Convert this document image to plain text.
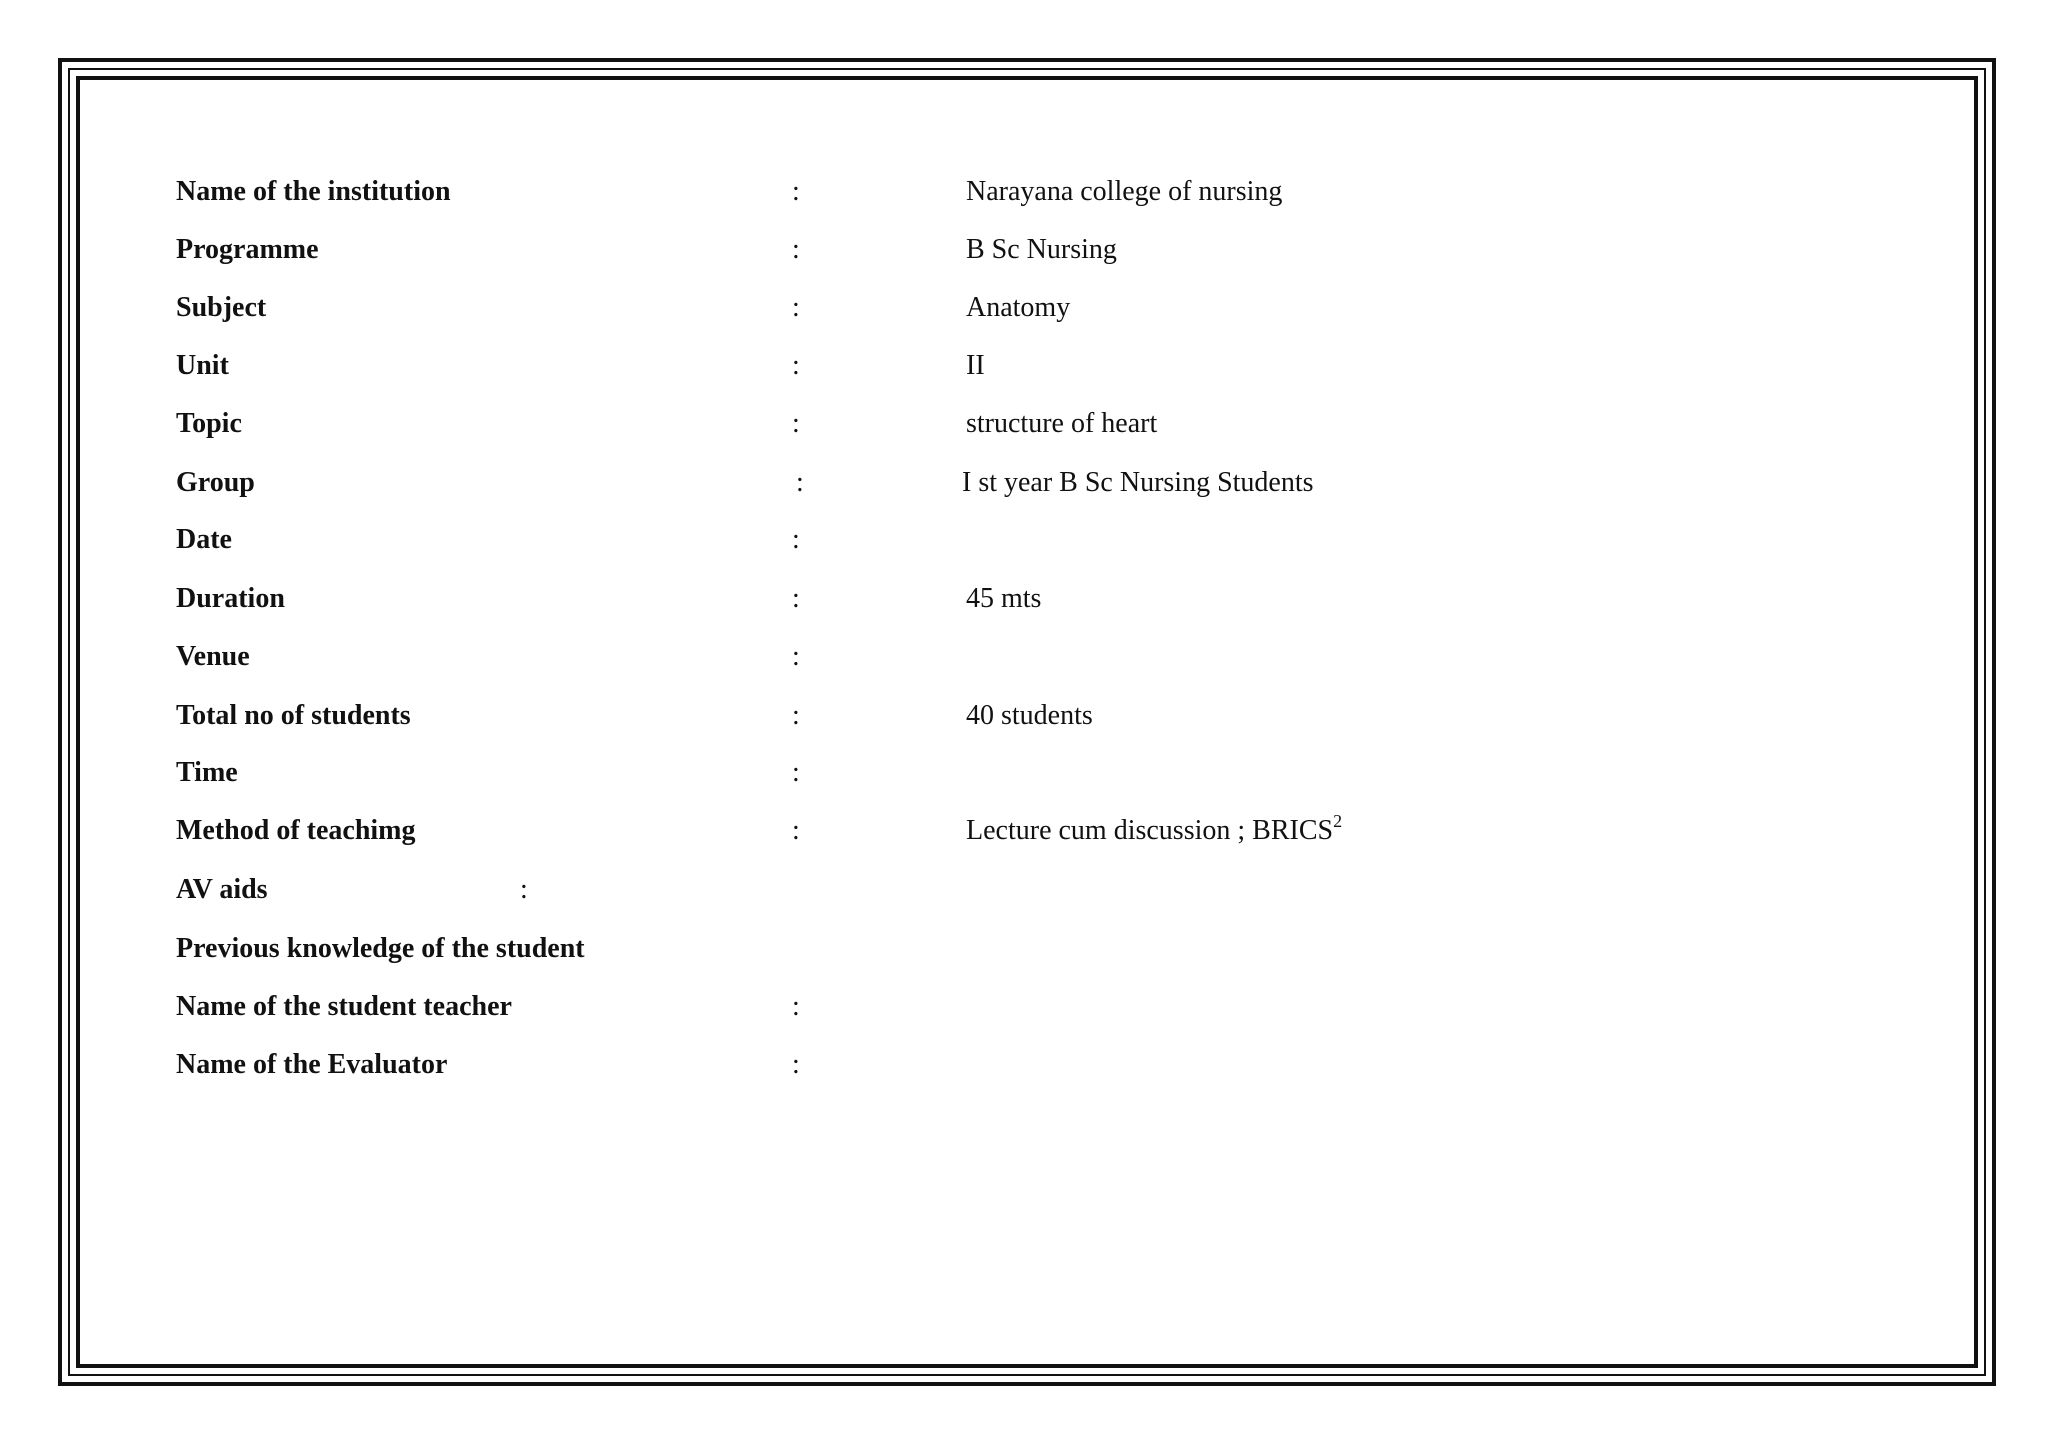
Name of the institution	:	Narayana college of nursing
Programme	:	B Sc Nursing
Subject	:	Anatomy
Unit	:	II
Topic	:	structure of heart
Group	:	I st year B Sc Nursing Students
Date	:
Duration	:	45 mts
Venue	:
Total no of students	:	40 students
Time	:
Method of teachimg	:	Lecture cum discussion ; BRICS$^2$
AV aids	:
Previous knowledge of the student
Name of the student teacher	:
Name of the Evaluator	:
